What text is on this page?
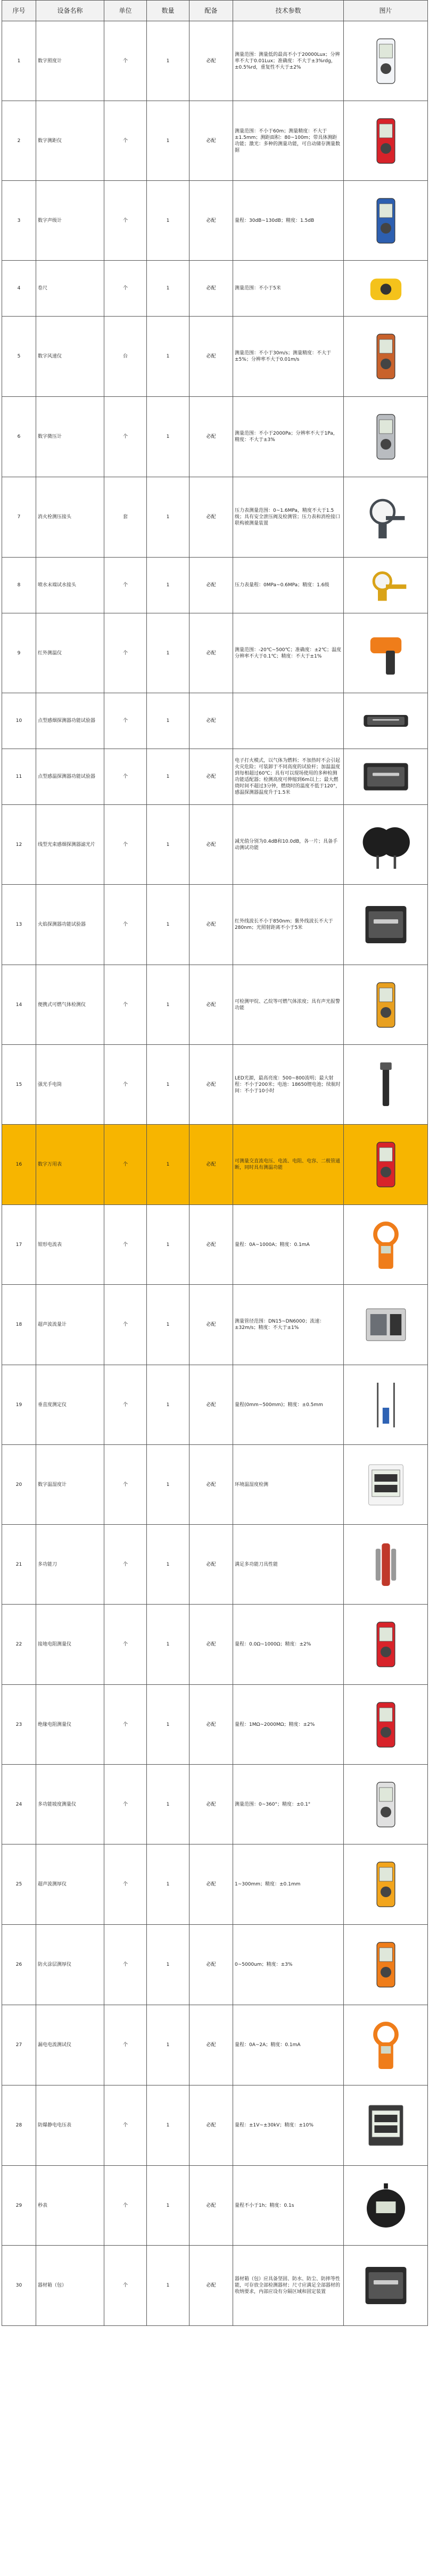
序号	设备名称	单位	数量	配备	技术参数	图片
1	数字照度计	个	1	必配	测量范围：测量低的最高不小于20000Lux；分辨率不大于0.01Lux；准确度：不大于±3%rdg，±0.5%rd，重复性不大于±2%	

2	数字测距仪	个	1	必配	测量范围：不小于60m；测量精度：不大于±1.5mm；测距面积：80~100m；带具体测距功能；激光：多种的测量功能，可自动储存测量数据	

3	数字声级计	个	1	必配	量程：30dB~130dB；精度：1.5dB	

4	卷尺	个	1	必配	测量范围：不小于5米	

5	数字风速仪	台	1	必配	测量范围：不小于30m/s；测量精度：不大于±5%；分辨率不大于0.01m/s	

6	数字微压计	个	1	必配	测量范围：不小于2000Pa；分辨率不大于1Pa，精度：不大于±3%	

7	消火栓测压接头	套	1	必配	压力表测量范围：0~1.6MPa，精度不大于1.5级；具有安全泄压阀及检测管；压力表和消栓接口联构被测量装置	

8	喷水末端试水接头	个	1	必配	压力表量程：0MPa~0.6MPa；精度：1.6级	

9	红外测温仪	个	1	必配	测量范围：-20℃~500℃；准确度：±2℃；温度分辨率不大于0.1℃；精度：不大于±1%	

10	点型感烟探测器功能试验器	个	1	必配		

11	点型感温探测器功能试验器	个	1	必配	电子打火模式，以气体为燃料；不加热时不会引起火灾危险；可装卸于不同高度的试验杆；加温温度到每相超过60℃；具有可以现场使用的多种检测功能适配器；检测高度可伸缩到6m以上；最大燃烧时间不超过3分钟，燃烧时的温度不低于120°，感温探测器温度升于1.5米	

12	线型光束感烟探测器滤光片	个	1	必配	减光值分别为0.4dB和10.0dB，各一片；具备手动测试功能	

13	火焰探测器功能试验器	个	1	必配	红外线波长不小于850nm；紫外线波长不大于280nm；光照射距离不小于5米	

14	便携式可燃气体检测仪	个	1	必配	可检测甲烷、乙烷等可燃气体浓度；具有声光报警功能	

15	强光手电筒	个	1	必配	LED光源，最高亮度：500~800流明；最大射程：不小于200米；电池：18650锂电池；续航时间：不小于10小时	

16	数字万用表	个	1	必配	可测量交直流电压、电流、电阻、电容、二极管通断，同时具有测温功能	

17	钳形电流表	个	1	必配	量程：0A~1000A；精度：0.1mA	

18	超声波流量计	个	1	必配	测量管径范围：DN15~DN6000；流速：±32m/s；精度：不大于±1%	

19	垂直度测定仪	个	1	必配	量程(0mm~500mm)；精度：±0.5mm	

20	数字温湿度计	个	1	必配	环境温湿度检测	

21	多功能刀	个	1	必配	满足多功能刀具性能	

22	接地电阻测量仪	个	1	必配	量程：0.0Ω~1000Ω；精度：±2%	

23	绝缘电阻测量仪	个	1	必配	量程：1MΩ~2000MΩ；精度：±2%	

24	多功能坡度测量仪	个	1	必配	测量范围：0~360°；精度：±0.1°	

25	超声波测厚仪	个	1	必配	1~300mm；精度：±0.1mm	

26	防火涂层测厚仪	个	1	必配	0~5000um；精度：±3%	

27	漏电电流测试仪	个	1	必配	量程：0A~2A；精度：0.1mA	

28	防爆静电电压表	个	1	必配	量程：±1V~±30kV；精度：±10%	

29	秒表	个	1	必配	量程不小于1h；精度：0.1s	

30	器材箱（包）	个	1	必配	器材箱（包）应具备坚固、防水、防尘、防摔等性能，可存放全部检测器材；尺寸应满足全部器材的收纳要求，内部应设有分隔区域和固定装置	
